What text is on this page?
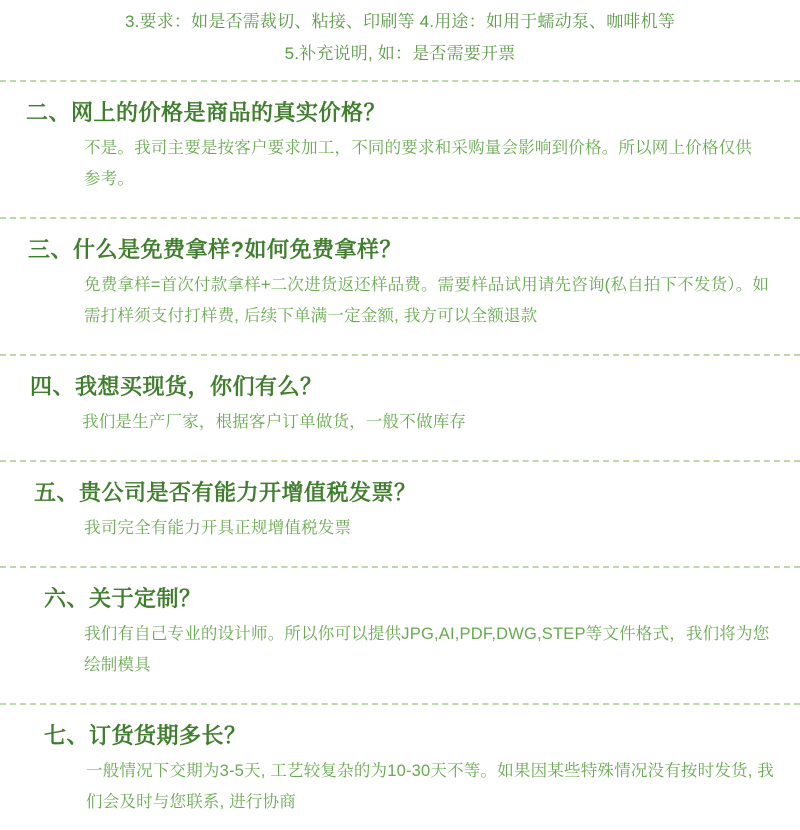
3.要求：如是否需裁切、粘接、印刷等 4.用途：如用于蠕动泵、咖啡机等
5.补充说明, 如：是否需要开票
二、网上的价格是商品的真实价格？
不是。我司主要是按客户要求加工，不同的要求和采购量会影响到价格。所以网上价格仅供参考。
三、什么是免费拿样?如何免费拿样？
免费拿样=首次付款拿样+二次进货返还样品费。需要样品试用请先咨询(私自拍下不发货）。如需打样须支付打样费, 后续下单满一定金额, 我方可以全额退款
四、我想买现货，你们有么？
我们是生产厂家，根据客户订单做货，一般不做库存
五、贵公司是否有能力开增值税发票？
我司完全有能力开具正规增值税发票
六、关于定制？
我们有自己专业的设计师。所以你可以提供JPG,AI,PDF,DWG,STEP等文件格式，我们将为您绘制模具
七、订货货期多长？
一般情况下交期为3-5天, 工艺较复杂的为10-30天不等。如果因某些特殊情况没有按时发货, 我们会及时与您联系, 进行协商
